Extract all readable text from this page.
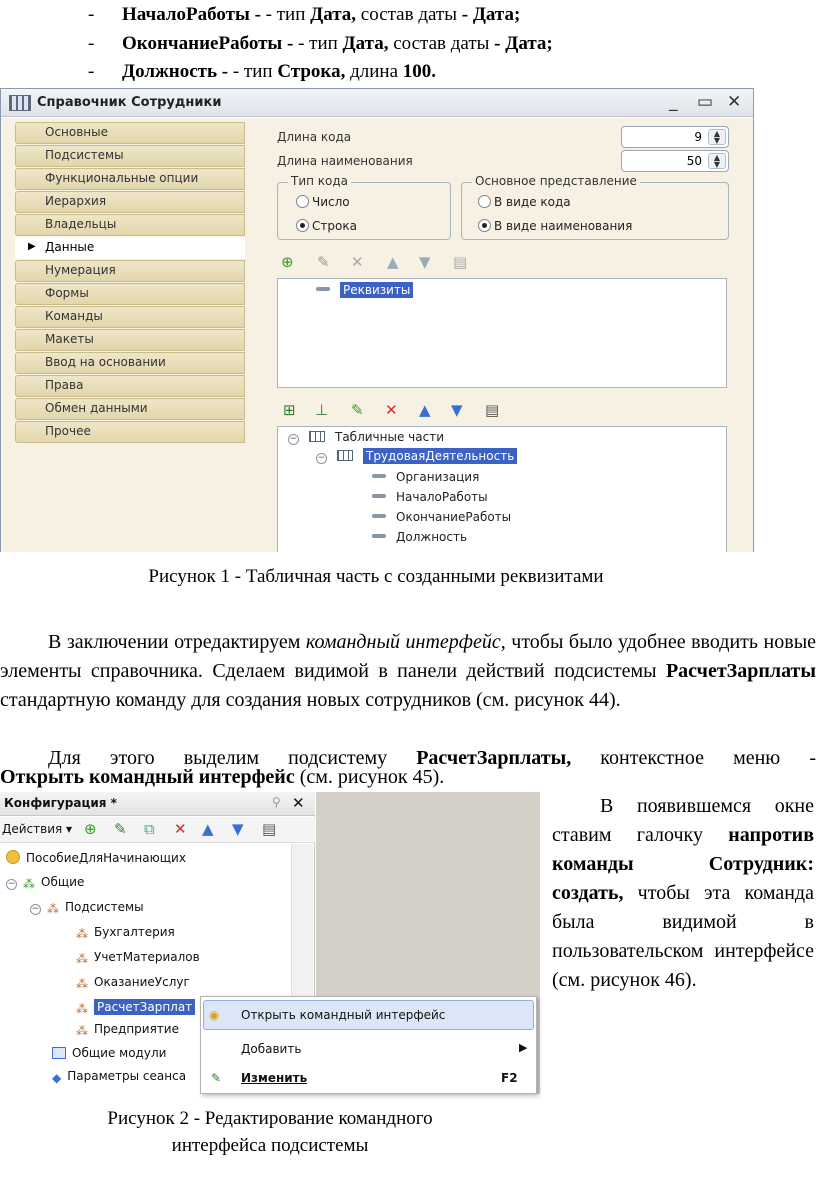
- НачалоРаботы - - тип Дата, состав даты - Дата;
- ОкончаниеРаботы - - тип Дата, состав даты - Дата;
- Должность - - тип Строка, длина 100.
Справочник Сотрудники	_ ▭ ✕
Основные
Подсистемы
Функциональные опции
Иерархия
Владельцы
▶ Данные
Нумерация
Формы
Команды
Макеты
Ввод на основании
Права
Обмен данными
Прочее
Длина кода	9	▲
▼
Длина наименования	50	▲
▼
Тип кода
Число
Строка
Основное представление
В виде кода
В виде наименования
⊕ ✎ ✕ ▲ ▼ ▤
Реквизиты
⊞ ⊥ ✎ ✕ ▲ ▼ ▤
−	Табличные части
−	ТрудоваяДеятельность
Организация
НачалоРаботы
ОкончаниеРаботы
Должность
Рисунок 1 - Табличная часть с созданными реквизитами
В заключении отредактируем командный интерфейс, чтобы было удобнее вводить новые элементы справочника. Сделаем видимой в панели действий подсистемы РасчетЗарплаты стандартную команду для создания новых сотрудников (см. рисунок 44).
Для этого выделим подсистему РасчетЗарплаты, контекстное меню -
Открыть командный интерфейс (см. рисунок 45).
Конфигурация *	⚲ ✕
Действия ▾ ⊕ ✎ ⧉ ✕ ▲ ▼ ▤
ПособиеДляНачинающих
− ⁂ Общие
− ⁂ Подсистемы
⁂ Бухгалтерия
⁂ УчетМатериалов
⁂ ОказаниеУслуг
⁂ РасчетЗарплат
⁂ Предприятие
Общие модули
◆ Параметры сеанса
◉ Открыть командный интерфейс
Добавить	▶
✎ Изменить	F2
В появившемся окне ставим галочку напротив команды Сотрудник: создать, чтобы эта команда была видимой в пользовательском интерфейсе (см. рисунок 46).
Рисунок 2 - Редактирование командного
интерфейса подсистемы
